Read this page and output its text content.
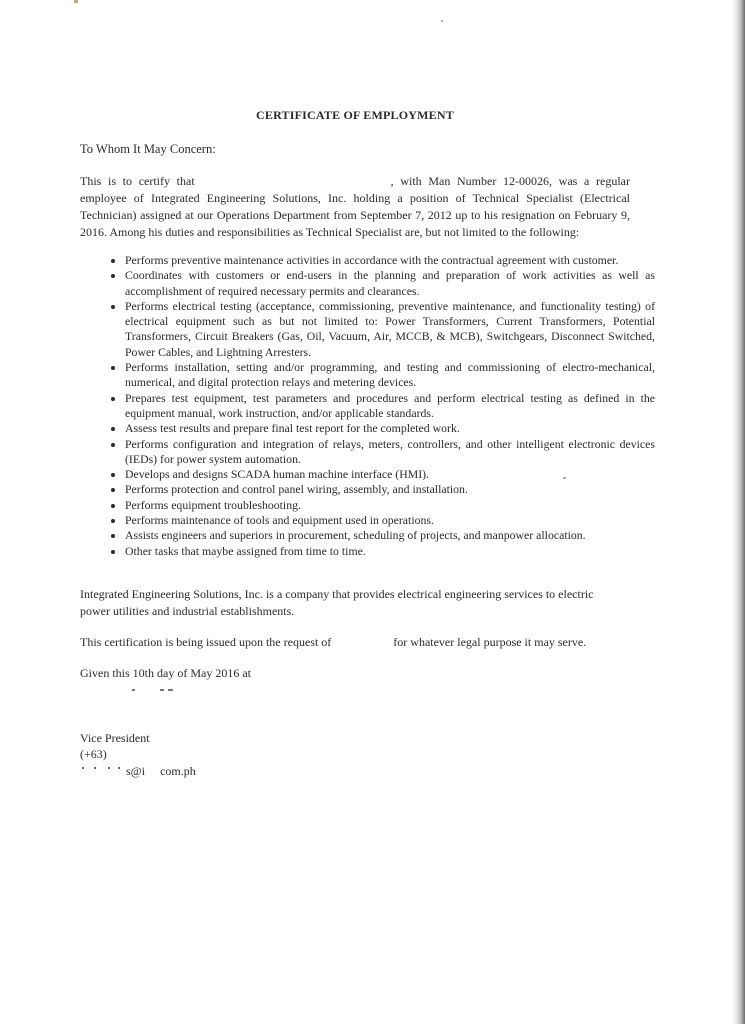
CERTIFICATE OF EMPLOYMENT
To Whom It May Concern:
This is to certify that	, with Man Number 12-00026, was a regular employee of Integrated Engineering Solutions, Inc. holding a position of Technical Specialist (Electrical Technician) assigned at our Operations Department from September 7, 2012 up to his resignation on February 9, 2016. Among his duties and responsibilities as Technical Specialist are, but not limited to the following:
• Performs preventive maintenance activities in accordance with the contractual agreement with customer.
• Coordinates with customers or end-users in the planning and preparation of work activities as well as accomplishment of required necessary permits and clearances.
• Performs electrical testing (acceptance, commissioning, preventive maintenance, and functionality testing) of electrical equipment such as but not limited to: Power Transformers, Current Transformers, Potential Transformers, Circuit Breakers (Gas, Oil, Vacuum, Air, MCCB, & MCB), Switchgears, Disconnect Switched, Power Cables, and Lightning Arresters.
• Performs installation, setting and/or programming, and testing and commissioning of electro-mechanical, numerical, and digital protection relays and metering devices.
• Prepares test equipment, test parameters and procedures and perform electrical testing as defined in the equipment manual, work instruction, and/or applicable standards.
• Assess test results and prepare final test report for the completed work.
• Performs configuration and integration of relays, meters, controllers, and other intelligent electronic devices (IEDs) for power system automation.
• Develops and designs SCADA human machine interface (HMI).
• Performs protection and control panel wiring, assembly, and installation.
• Performs equipment troubleshooting.
• Performs maintenance of tools and equipment used in operations.
• Assists engineers and superiors in procurement, scheduling of projects, and manpower allocation.
• Other tasks that maybe assigned from time to time.
Integrated Engineering Solutions, Inc. is a company that provides electrical engineering services to electric power utilities and industrial establishments.
This certification is being issued upon the request of	for whatever legal purpose it may serve.
Given this 10th day of May 2016 at
Vice President
(+63)
s@i com.ph
